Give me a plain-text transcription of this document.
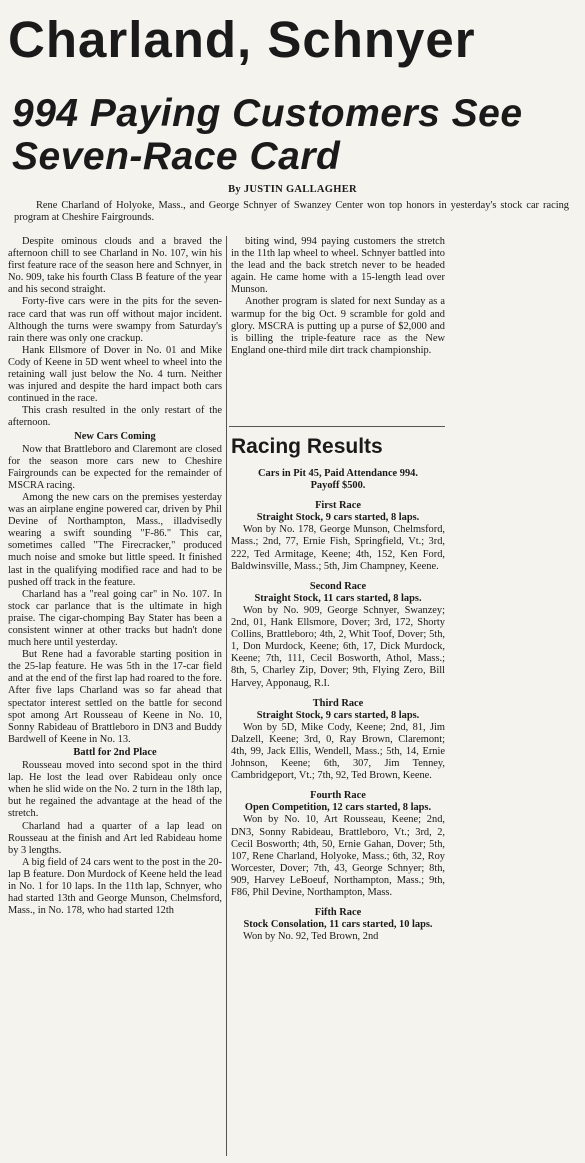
Charland, Schnyer
994 Paying Customers See Seven-Race Card
By JUSTIN GALLAGHER
Rene Charland of Holyoke, Mass., and George Schnyer of Swanzey Center won top honors in yesterday's stock car racing program at Cheshire Fairgrounds.

Despite ominous clouds and a braved the afternoon chill to see Charland in No. 107, win his first feature race of the season here and Schnyer, in No. 909, take his fourth Class B feature of the year and his second straight.

Forty-five cars were in the pits for the seven-race card that was run off without major incident. Although the turns were swampy from Saturday's rain there was only one crackup.

Hank Ellsmore of Dover in No. 01 and Mike Cody of Keene in 5D went wheel to wheel into the retaining wall just below the No. 4 turn. Neither was injured and despite the hard impact both cars continued in the race.

This crash resulted in the only restart of the afternoon.

New Cars Coming

Now that Brattleboro and Claremont are closed for the season more cars new to Cheshire Fairgrounds can be expected for the remainder of MSCRA racing.

Among the new cars on the premises yesterday was an airplane engine powered car, driven by Phil Devine of Northampton, Mass., illadvisedly wearing a swift sounding "F-86." This car, sometimes called "The Firecracker," produced much noise and smoke but little speed. It finished last in the qualifying modified race and had to be pushed off track in the feature.

Charland has a "real going car" in No. 107. In stock car parlance that is the ultimate in high praise. The cigar-chomping Bay Stater has been a consistent winner at other tracks but hadn't done much here until yesterday.

But Rene had a favorable starting position in the 25-lap feature. He was 5th in the 17-car field and at the end of the first lap had roared to the fore. After five laps Charland was so far ahead that spectator interest settled on the battle for second spot among Art Rousseau of Keene in No. 10, Sonny Rabideau of Brattleboro in DN3 and Buddy Bardwell of Keene in No. 13.

Battl for 2nd Place

Rousseau moved into second spot in the third lap. He lost the lead over Rabideau only once when he slid wide on the No. 2 turn in the 18th lap, but he regained the advantage at the head of the stretch.

Charland had a quarter of a lap lead on Rousseau at the finish and Art led Rabideau home by 3 lengths.

A big field of 24 cars went to the post in the 20-lap B feature. Don Murdock of Keene held the lead in No. 1 for 10 laps. In the 11th lap, Schnyer, who had started 13th and George Munson, Chelmsford, Mass., in No. 178, who had started 12th

biting wind, 994 paying customers the stretch in the 11th lap wheel to wheel. Schnyer battled into the lead and the back stretch never to be headed again. He came home with a 15-length lead over Munson.

Another program is slated for next Sunday as a warmup for the big Oct. 9 scramble for gold and glory. MSCRA is putting up a purse of $2,000 and is billing the triple-feature race as the New England one-third mile dirt track championship.

Racing Results

Cars in Pit 45, Paid Attendance 994.

Payoff $500.

First Race

Straight Stock, 9 cars started, 8 laps.

Won by No. 178, George Munson, Chelmsford, Mass.; 2nd, 77, Ernie Fish, Springfield, Vt.; 3rd, 222, Ted Armitage, Keene; 4th, 152, Ken Ford, Baldwinsville, Mass.; 5th, Jim Champney, Keene.

Second Race

Straight Stock, 11 cars started, 8 laps.

Won by No. 909, George Schnyer, Swanzey; 2nd, 01, Hank Ellsmore, Dover; 3rd, 172, Shorty Collins, Brattleboro; 4th, 2, Whit Toof, Dover; 5th, 1, Don Murdock, Keene; 6th, 17, Dick Murdock, Keene; 7th, 111, Cecil Bosworth, Athol, Mass.; 8th, 5, Charley Zip, Dover; 9th, Flying Zero, Bill Harvey, Apponaug, R.I.

Third Race

Straight Stock, 9 cars started, 8 laps.

Won by 5D, Mike Cody, Keene; 2nd, 81, Jim Dalzell, Keene; 3rd, 0, Ray Brown, Claremont; 4th, 99, Jack Ellis, Wendell, Mass.; 5th, 14, Ernie Johnson, Keene; 6th, 307, Jim Tenney, Cambridgeport, Vt.; 7th, 92, Ted Brown, Keene.

Fourth Race

Open Competition, 12 cars started, 8 laps.

Won by No. 10, Art Rousseau, Keene; 2nd, DN3, Sonny Rabideau, Brattleboro, Vt.; 3rd, 2, Cecil Bosworth; 4th, 50, Ernie Gahan, Dover; 5th, 107, Rene Charland, Holyoke, Mass.; 6th, 32, Roy Worcester, Dover; 7th, 43, George Schnyer; 8th, 909, Harvey LeBoeuf, Northampton, Mass.; 9th, F86, Phil Devine, Northampton, Mass.

Fifth Race

Stock Consolation, 11 cars started, 10 laps.

Won by No. 92, Ted Brown, 2nd
